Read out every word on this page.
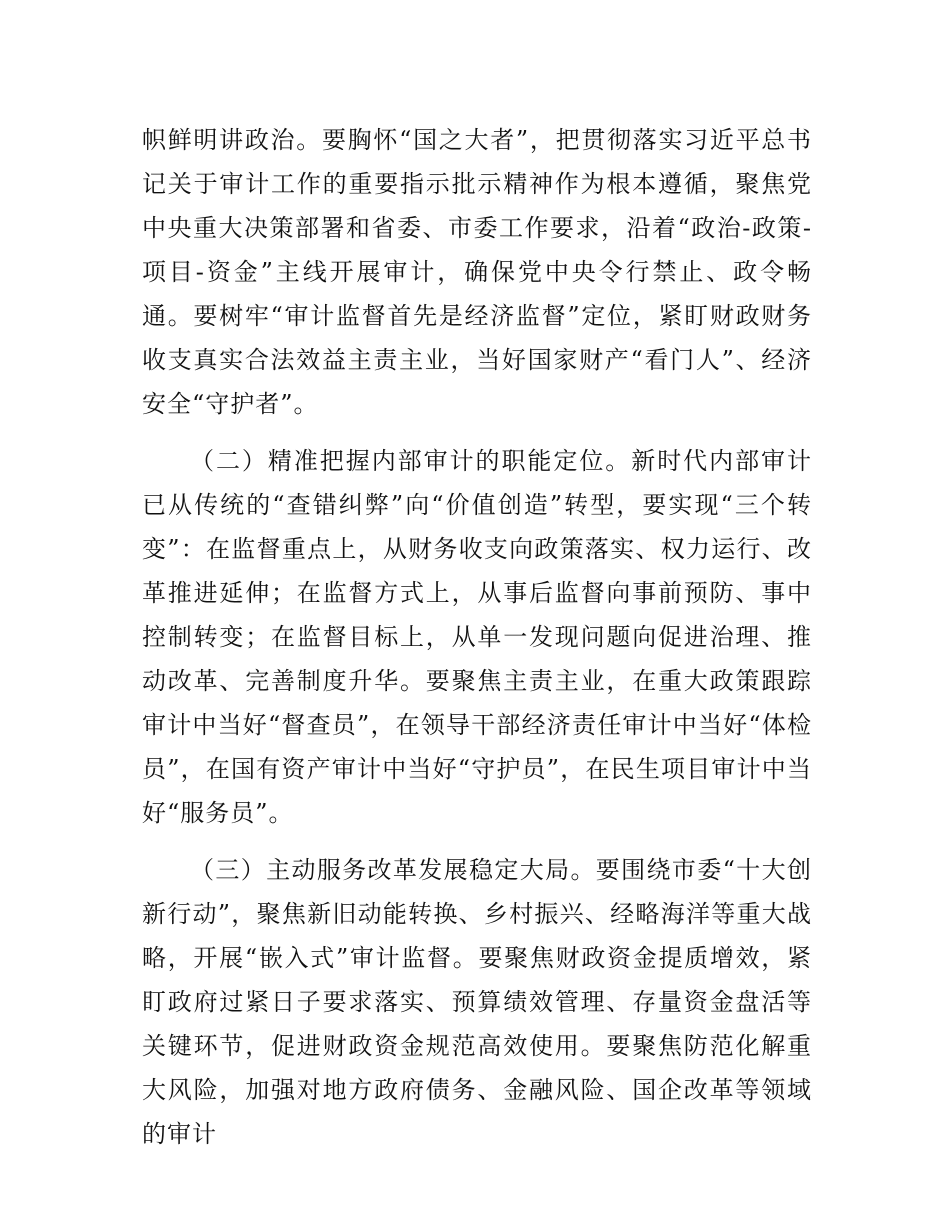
帜鲜明讲政治。要胸怀“国之大者”，把贯彻落实习近平总书记关于审计工作的重要指示批示精神作为根本遵循，聚焦党中央重大决策部署和省委、市委工作要求，沿着“政治-政策-项目-资金”主线开展审计，确保党中央令行禁止、政令畅通。要树牢“审计监督首先是经济监督”定位，紧盯财政财务收支真实合法效益主责主业，当好国家财产“看门人”、经济安全“守护者”。

（二）精准把握内部审计的职能定位。新时代内部审计已从传统的“查错纠弊”向“价值创造”转型，要实现“三个转变”：在监督重点上，从财务收支向政策落实、权力运行、改革推进延伸；在监督方式上，从事后监督向事前预防、事中控制转变；在监督目标上，从单一发现问题向促进治理、推动改革、完善制度升华。要聚焦主责主业，在重大政策跟踪审计中当好“督查员”，在领导干部经济责任审计中当好“体检员”，在国有资产审计中当好“守护员”，在民生项目审计中当好“服务员”。

（三）主动服务改革发展稳定大局。要围绕市委“十大创新行动”，聚焦新旧动能转换、乡村振兴、经略海洋等重大战略，开展“嵌入式”审计监督。要聚焦财政资金提质增效，紧盯政府过紧日子要求落实、预算绩效管理、存量资金盘活等关键环节，促进财政资金规范高效使用。要聚焦防范化解重大风险，加强对地方政府债务、金融风险、国企改革等领域的审计
